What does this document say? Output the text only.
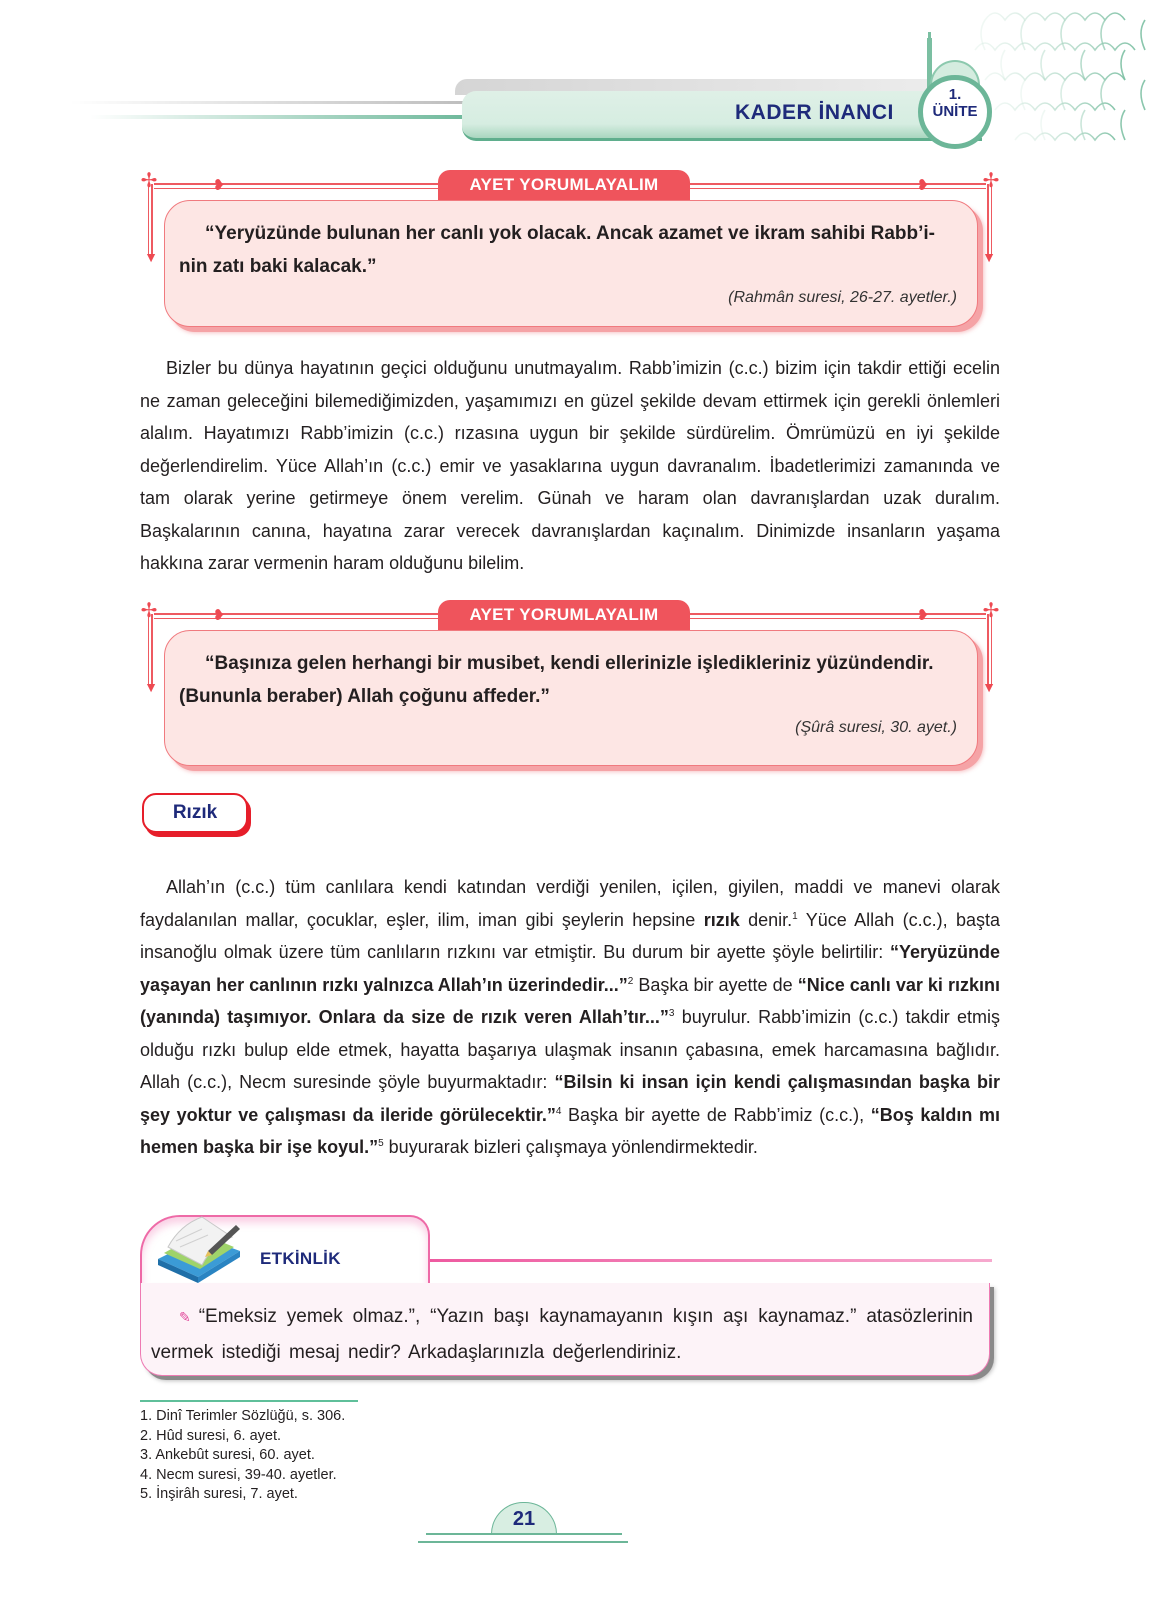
KADER İNANCI
1.
ÜNİTE
✢	✢
❥	❥
▼	▼
AYET YORUMLAYALIM

“Yeryüzünde bulunan her canlı yok olacak. Ancak azamet ve ikram sahibi Rabb’inin zatı baki kalacak.”

(Rahmân suresi, 26-27. ayetler.)

Bizler bu dünya hayatının geçici olduğunu unutmayalım. Rabb’imizin (c.c.) bizim için takdir ettiği ecelin ne zaman geleceğini bilemediğimizden, yaşamımızı en güzel şekilde devam ettirmek için gerekli önlemleri alalım. Hayatımızı Rabb’imizin (c.c.) rızasına uygun bir şekilde sürdürelim. Ömrümüzü en iyi şekilde değerlendirelim. Yüce Allah’ın (c.c.) emir ve yasaklarına uygun davranalım. İbadetlerimizi zamanında ve tam olarak yerine getirmeye önem verelim. Günah ve haram olan davranışlardan uzak duralım. Başkalarının canına, hayatına zarar verecek davranışlardan kaçınalım. Dinimizde insanların yaşama hakkına zarar vermenin haram olduğunu bilelim.

✢	✢
❥	❥
▼	▼
AYET YORUMLAYALIM

“Başınıza gelen herhangi bir musibet, kendi ellerinizle işledikleriniz yüzündendir. (Bununla beraber) Allah çoğunu affeder.”

(Şûrâ suresi, 30. ayet.)

Rızık

Allah’ın (c.c.) tüm canlılara kendi katından verdiği yenilen, içilen, giyilen, maddi ve manevi olarak faydalanılan mallar, çocuklar, eşler, ilim, iman gibi şeylerin hepsine rızık denir.$^1$ Yüce Allah (c.c.), başta insanoğlu olmak üzere tüm canlıların rızkını var etmiştir. Bu durum bir ayette şöyle belirtilir: “Yeryüzünde yaşayan her canlının rızkı yalnızca Allah’ın üzerindedir...”$^2$ Başka bir ayette de “Nice canlı var ki rızkını (yanında) taşımıyor. Onlara da size de rızık veren Allah’tır...”$^3$ buyrulur. Rabb’imizin (c.c.) takdir etmiş olduğu rızkı bulup elde etmek, hayatta başarıya ulaşmak insanın çabasına, emek harcamasına bağlıdır. Allah (c.c.), Necm suresinde şöyle buyurmaktadır: “Bilsin ki insan için kendi çalışmasından başka bir şey yoktur ve çalışması da ileride görülecektir.”$^4$ Başka bir ayette de Rabb’imiz (c.c.), “Boş kaldın mı hemen başka bir işe koyul.”$^5$ buyurarak bizleri çalışmaya yönlendirmektedir.

ETKİNLİK

✎ “Emeksiz yemek olmaz.”, “Yazın başı kaynamayanın kışın aşı kaynamaz.” atasözlerinin vermek istediği mesaj nedir? Arkadaşlarınızla değerlendiriniz.

1. Dinî Terimler Sözlüğü, s. 306.
2. Hûd suresi, 6. ayet.
3. Ankebût suresi, 60. ayet.
4. Necm suresi, 39-40. ayetler.
5. İnşirâh suresi, 7. ayet.
21
